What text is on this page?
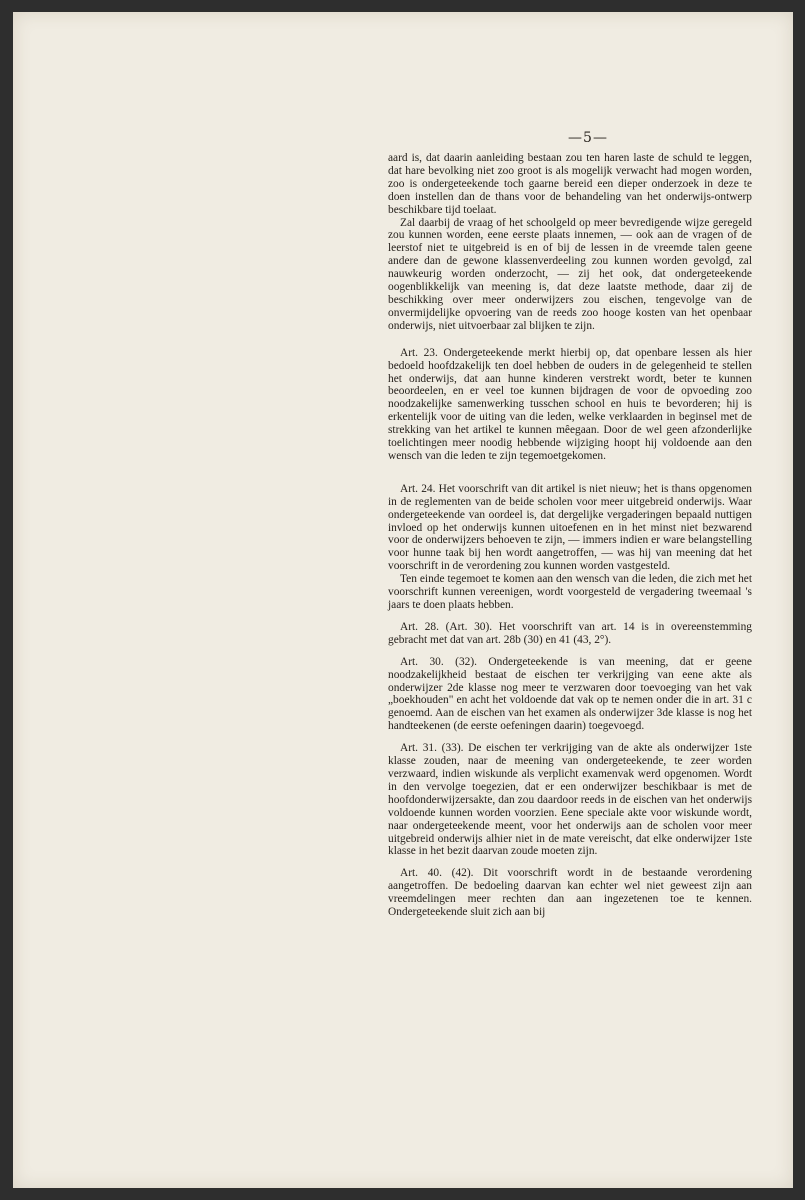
—5—

aard is, dat daarin aanleiding bestaan zou ten haren laste de schuld te leggen, dat hare bevolking niet zoo groot is als mogelijk verwacht had mogen worden, zoo is ondergeteekende toch gaarne bereid een dieper onderzoek in deze te doen instellen dan de thans voor de behandeling van het onderwijs-ontwerp beschikbare tijd toelaat.

Zal daarbij de vraag of het schoolgeld op meer bevredigende wijze geregeld zou kunnen worden, eene eerste plaats innemen, — ook aan de vragen of de leerstof niet te uitgebreid is en of bij de lessen in de vreemde talen geene andere dan de gewone klassenverdeeling zou kunnen worden gevolgd, zal nauwkeurig worden onderzocht, — zij het ook, dat ondergeteekende oogenblikkelijk van meening is, dat deze laatste methode, daar zij de beschikking over meer onderwijzers zou eischen, tengevolge van de onvermijdelijke opvoering van de reeds zoo hooge kosten van het openbaar onderwijs, niet uitvoerbaar zal blijken te zijn.

Art. 23. Ondergeteekende merkt hierbij op, dat openbare lessen als hier bedoeld hoofdzakelijk ten doel hebben de ouders in de gelegenheid te stellen het onderwijs, dat aan hunne kinderen verstrekt wordt, beter te kunnen beoordeelen, en er veel toe kunnen bijdragen de voor de opvoeding zoo noodzakelijke samenwerking tusschen school en huis te bevorderen; hij is erkentelijk voor de uiting van die leden, welke verklaarden in beginsel met de strekking van het artikel te kunnen mêegaan. Door de wel geen afzonderlijke toelichtingen meer noodig hebbende wijziging hoopt hij voldoende aan den wensch van die leden te zijn tegemoetgekomen.

Art. 24. Het voorschrift van dit artikel is niet nieuw; het is thans opgenomen in de reglementen van de beide scholen voor meer uitgebreid onderwijs. Waar ondergeteekende van oordeel is, dat dergelijke vergaderingen bepaald nuttigen invloed op het onderwijs kunnen uitoefenen en in het minst niet bezwarend voor de onderwijzers behoeven te zijn, — immers indien er ware belangstelling voor hunne taak bij hen wordt aangetroffen, — was hij van meening dat het voorschrift in de verordening zou kunnen worden vastgesteld.

Ten einde tegemoet te komen aan den wensch van die leden, die zich met het voorschrift kunnen vereenigen, wordt voorgesteld de vergadering tweemaal 's jaars te doen plaats hebben.

Art. 28. (Art. 30). Het voorschrift van art. 14 is in overeenstemming gebracht met dat van art. 28b (30) en 41 (43, 2°).

Art. 30. (32). Ondergeteekende is van meening, dat er geene noodzakelijkheid bestaat de eischen ter verkrijging van eene akte als onderwijzer 2de klasse nog meer te verzwaren door toevoeging van het vak „boekhouden" en acht het voldoende dat vak op te nemen onder die in art. 31 c genoemd. Aan de eischen van het examen als onderwijzer 3de klasse is nog het handteekenen (de eerste oefeningen daarin) toegevoegd.

Art. 31. (33). De eischen ter verkrijging van de akte als onderwijzer 1ste klasse zouden, naar de meening van ondergeteekende, te zeer worden verzwaard, indien wiskunde als verplicht examenvak werd opgenomen. Wordt in den vervolge toegezien, dat er een onderwijzer beschikbaar is met de hoofdonderwijzersakte, dan zou daardoor reeds in de eischen van het onderwijs voldoende kunnen worden voorzien. Eene speciale akte voor wiskunde wordt, naar ondergeteekende meent, voor het onderwijs aan de scholen voor meer uitgebreid onderwijs alhier niet in de mate vereischt, dat elke onderwijzer 1ste klasse in het bezit daarvan zoude moeten zijn.

Art. 40. (42). Dit voorschrift wordt in de bestaande verordening aangetroffen. De bedoeling daarvan kan echter wel niet geweest zijn aan vreemdelingen meer rechten dan aan ingezetenen toe te kennen. Ondergeteekende sluit zich aan bij
